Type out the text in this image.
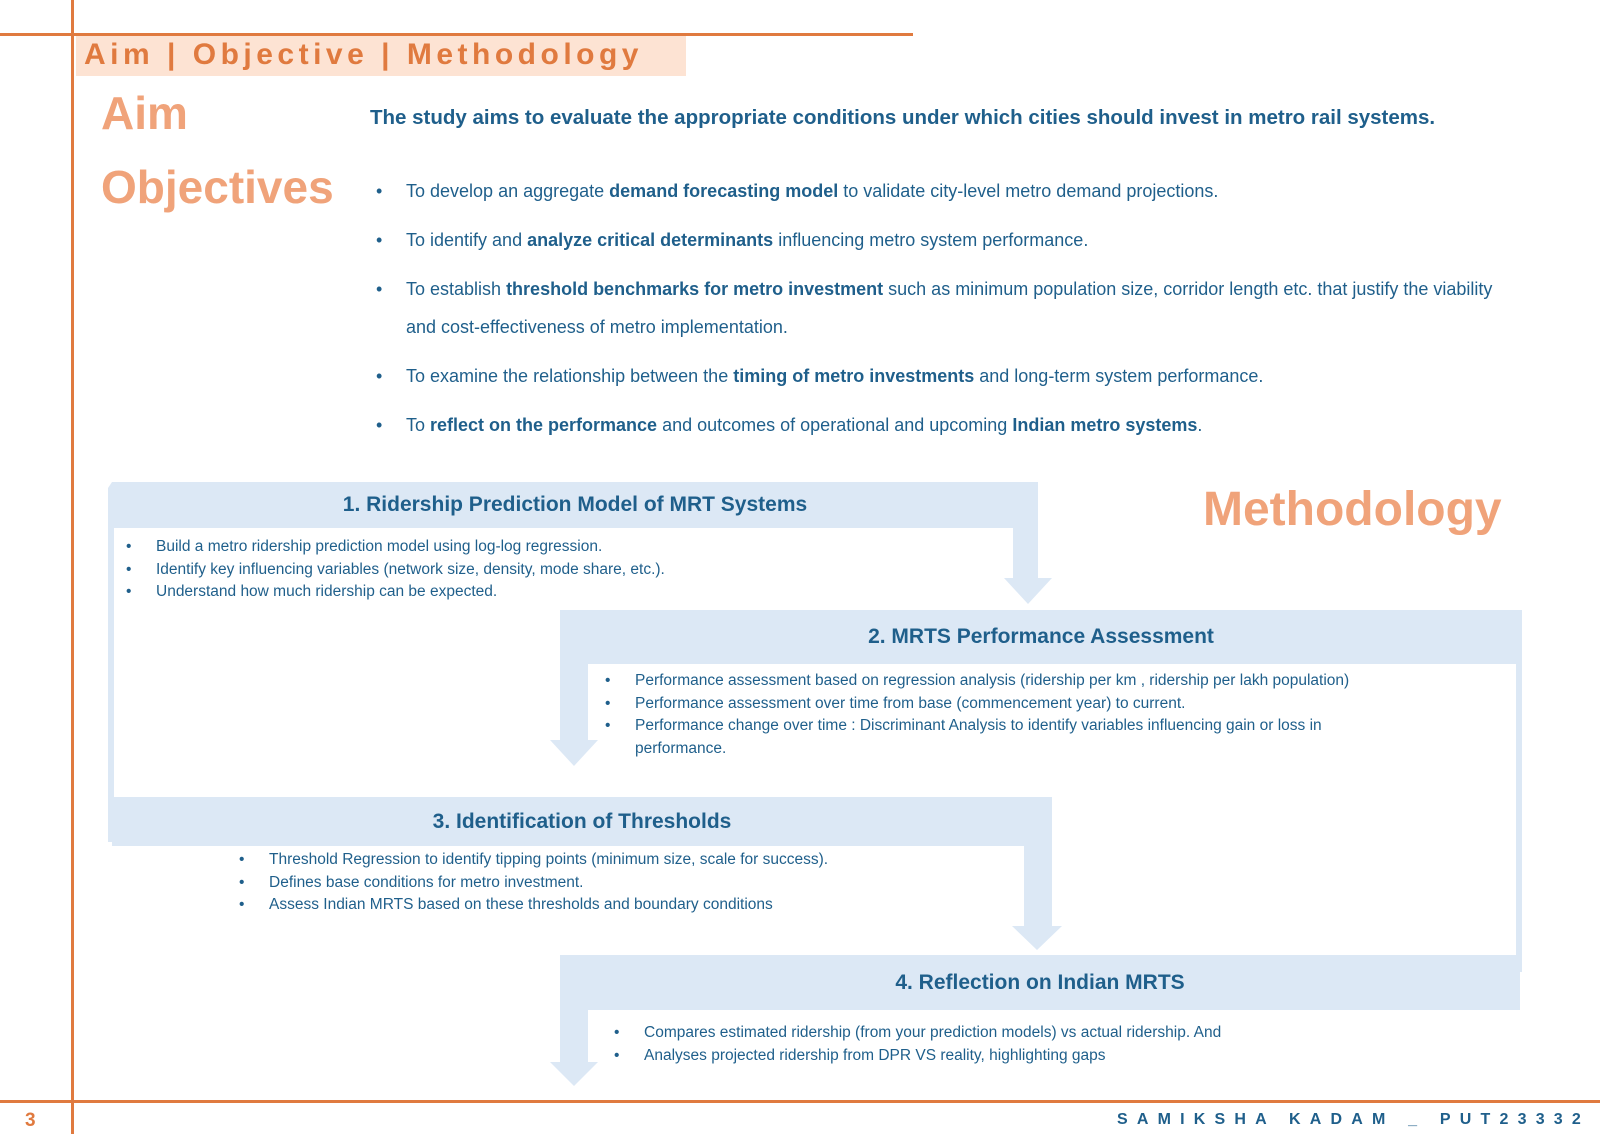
Aim | Objective | Methodology
Aim	The study aims to evaluate the appropriate conditions under which cities should invest in metro rail systems.
Objectives
•	To develop an aggregate demand forecasting model to validate city-level metro demand projections.
• To identify and analyze critical determinants influencing metro system performance.
• To establish threshold benchmarks for metro investment such as minimum population size, corridor length etc. that justify the viability and cost-effectiveness of metro implementation.
• To examine the relationship between the timing of metro investments and long-term system performance.
• To reflect on the performance and outcomes of operational and upcoming Indian metro systems.
Methodology
1. Ridership Prediction Model of MRT Systems
• Build a metro ridership prediction model using log-log regression.
• Identify key influencing variables (network size, density, mode share, etc.).
• Understand how much ridership can be expected.
2. MRTS Performance Assessment
• Performance assessment based on regression analysis (ridership per km , ridership per lakh population)
• Performance assessment over time from base (commencement year) to current.
• Performance change over time : Discriminant Analysis to identify variables influencing gain or loss in performance.
3. Identification of Thresholds
• Threshold Regression to identify tipping points (minimum size, scale for success).
• Defines base conditions for metro investment.
• Assess Indian MRTS based on these thresholds and boundary conditions
4. Reflection on Indian MRTS
• Compares estimated ridership (from your prediction models) vs actual ridership. And
• Analyses projected ridership from DPR VS reality, highlighting gaps
3	SAMIKSHA KADAM _ PUT23332
